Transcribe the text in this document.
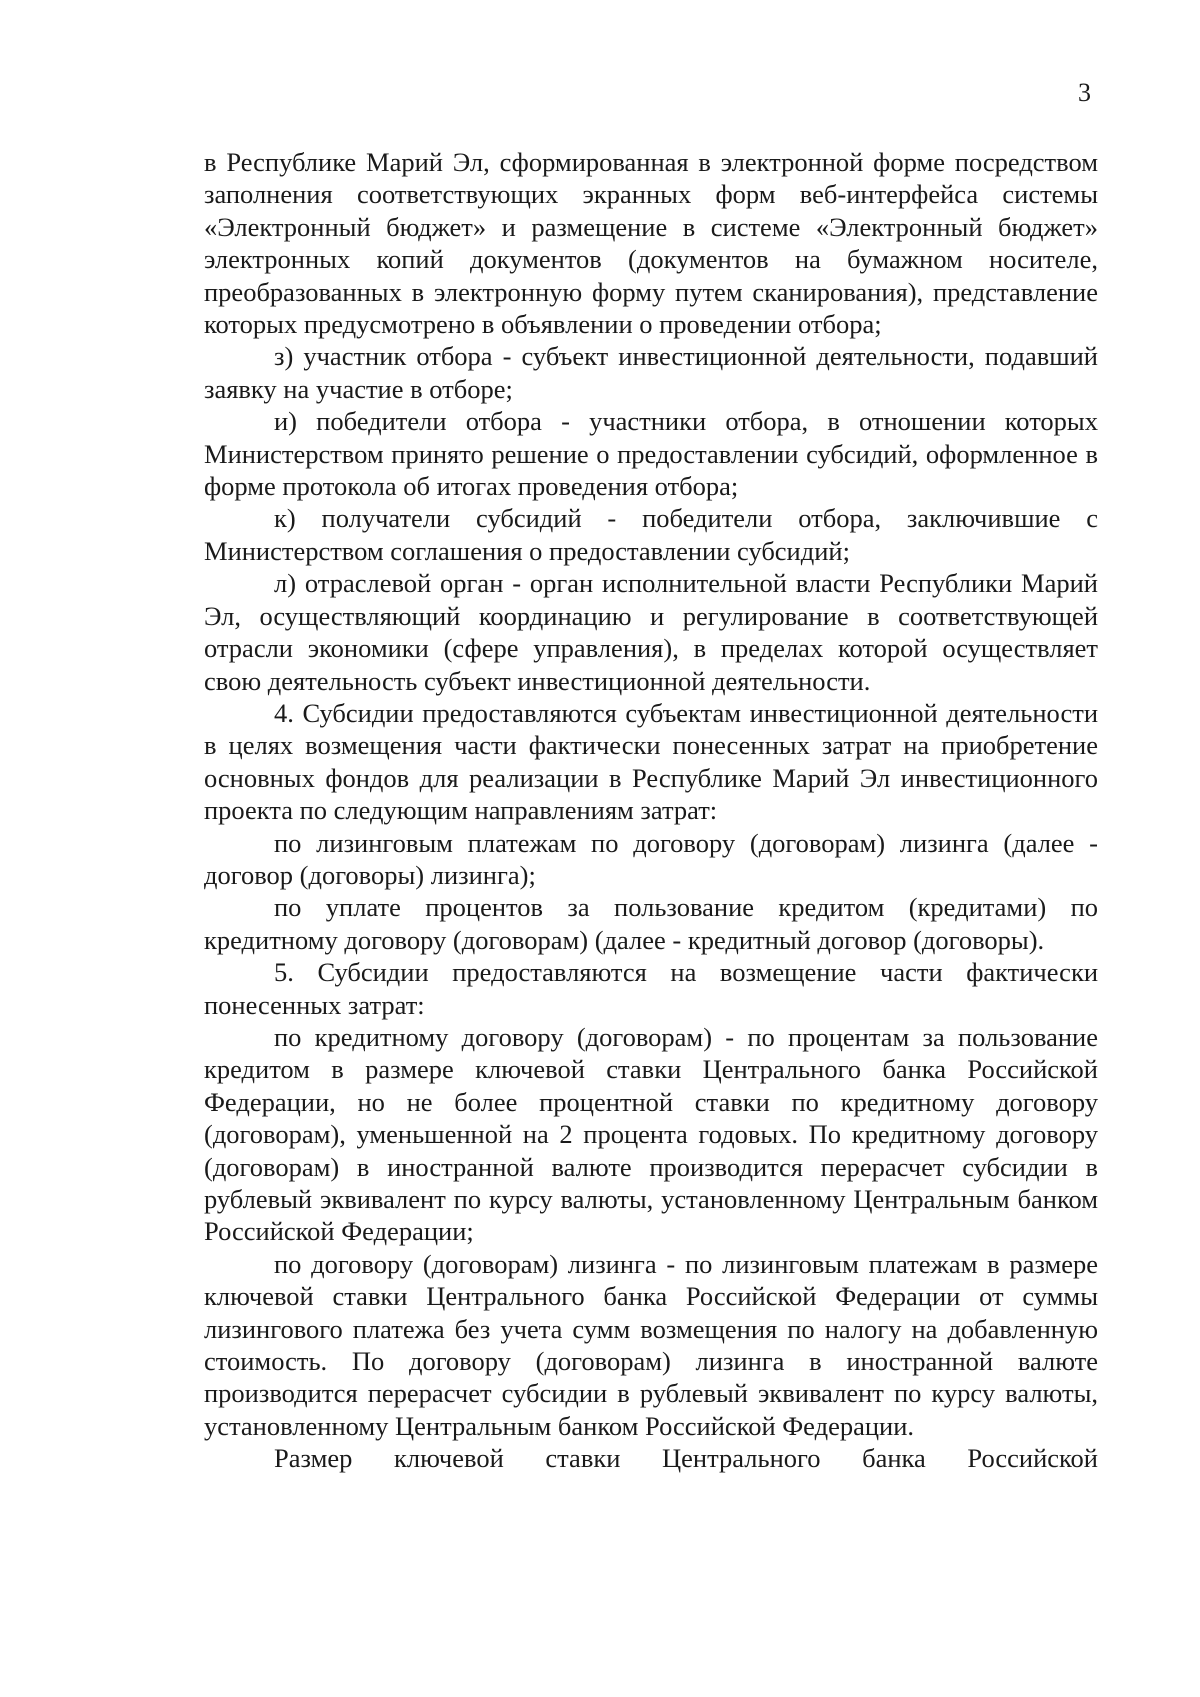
3

в Республике Марий Эл, сформированная в электронной форме посредством заполнения соответствующих экранных форм веб-интерфейса системы «Электронный бюджет» и размещение в системе «Электронный бюджет» электронных копий документов (документов на бумажном носителе, преобразованных в электронную форму путем сканирования), представление которых предусмотрено в объявлении о проведении отбора;

з) участник отбора - субъект инвестиционной деятельности, подавший заявку на участие в отборе;

и) победители отбора - участники отбора, в отношении которых Министерством принято решение о предоставлении субсидий, оформленное в форме протокола об итогах проведения отбора;

к) получатели субсидий - победители отбора, заключившие с Министерством соглашения о предоставлении субсидий;

л) отраслевой орган - орган исполнительной власти Республики Марий Эл, осуществляющий координацию и регулирование в соответствующей отрасли экономики (сфере управления), в пределах которой осуществляет свою деятельность субъект инвестиционной деятельности.

4. Субсидии предоставляются субъектам инвестиционной деятельности в целях возмещения части фактически понесенных затрат на приобретение основных фондов для реализации в Республике Марий Эл инвестиционного проекта по следующим направлениям затрат:

по лизинговым платежам по договору (договорам) лизинга (далее - договор (договоры) лизинга);

по уплате процентов за пользование кредитом (кредитами) по кредитному договору (договорам) (далее - кредитный договор (договоры).

5. Субсидии предоставляются на возмещение части фактически понесенных затрат:

по кредитному договору (договорам) - по процентам за пользование кредитом в размере ключевой ставки Центрального банка Российской Федерации, но не более процентной ставки по кредитному договору (договорам), уменьшенной на 2 процента годовых. По кредитному договору (договорам) в иностранной валюте производится перерасчет субсидии в рублевый эквивалент по курсу валюты, установленному Центральным банком Российской Федерации;

по договору (договорам) лизинга - по лизинговым платежам в размере ключевой ставки Центрального банка Российской Федерации от суммы лизингового платежа без учета сумм возмещения по налогу на добавленную стоимость. По договору (договорам) лизинга в иностранной валюте производится перерасчет субсидии в рублевый эквивалент по курсу валюты, установленному Центральным банком Российской Федерации.

Размер ключевой ставки Центрального банка Российской
